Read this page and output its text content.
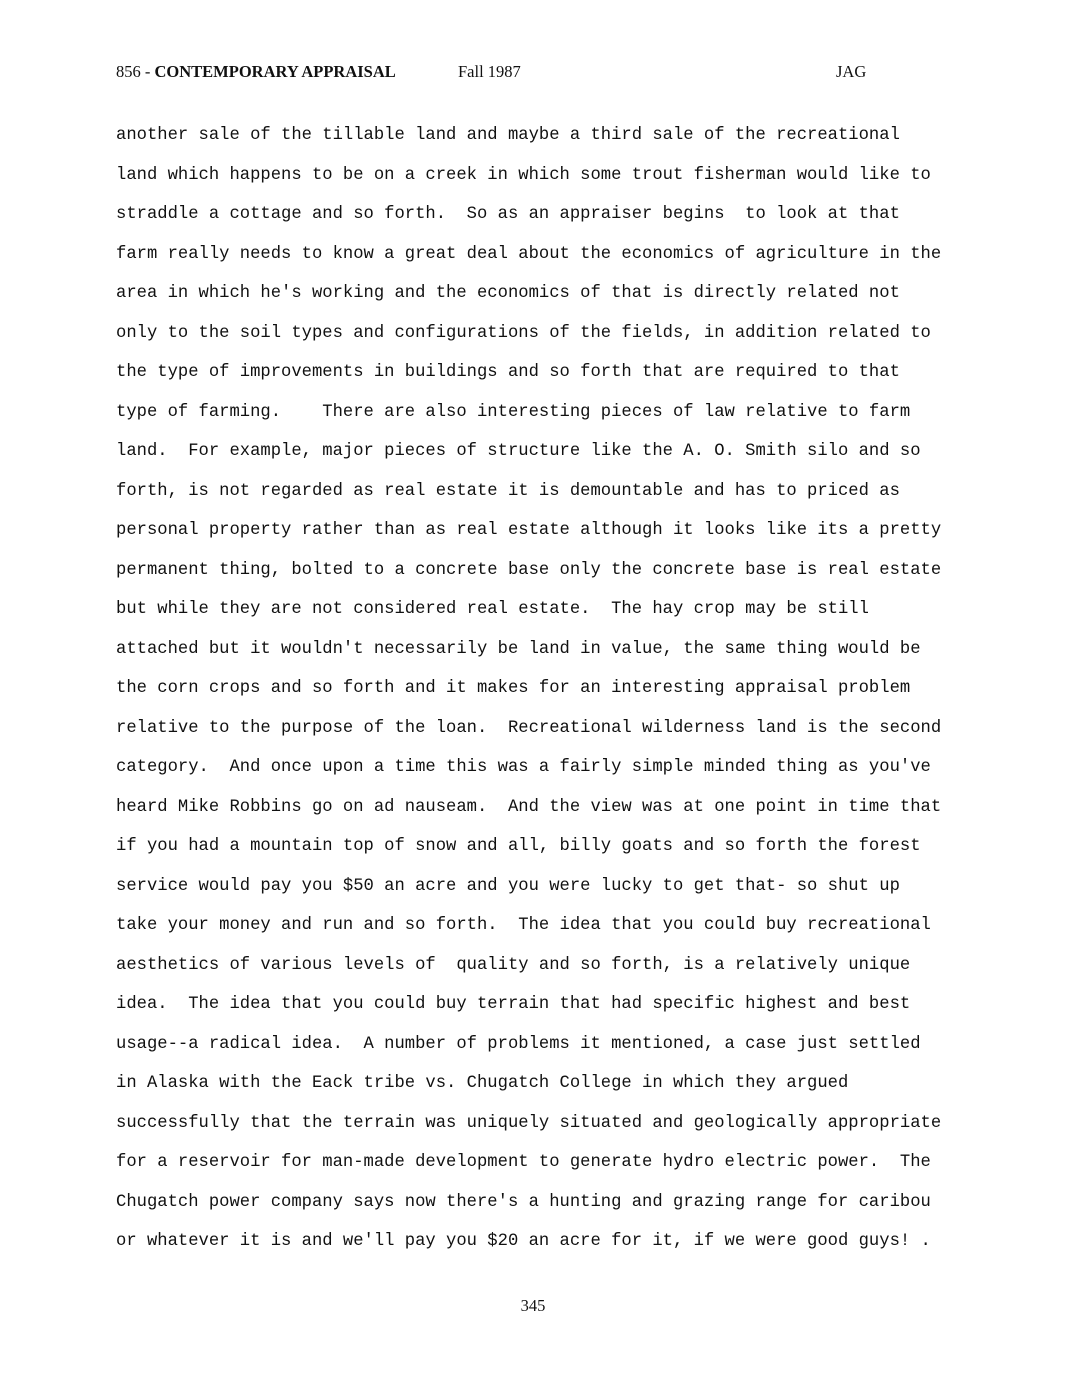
856 - CONTEMPORARY APPRAISAL	Fall 1987	JAG
another sale of the tillable land and maybe a third sale of the recreational
land which happens to be on a creek in which some trout fisherman would like to
straddle a cottage and so forth.  So as an appraiser begins  to look at that
farm really needs to know a great deal about the economics of agriculture in the
area in which he's working and the economics of that is directly related not
only to the soil types and configurations of the fields, in addition related to
the type of improvements in buildings and so forth that are required to that
type of farming.    There are also interesting pieces of law relative to farm
land.  For example, major pieces of structure like the A. O. Smith silo and so
forth, is not regarded as real estate it is demountable and has to priced as
personal property rather than as real estate although it looks like its a pretty
permanent thing, bolted to a concrete base only the concrete base is real estate
but while they are not considered real estate.  The hay crop may be still
attached but it wouldn't necessarily be land in value, the same thing would be
the corn crops and so forth and it makes for an interesting appraisal problem
relative to the purpose of the loan.  Recreational wilderness land is the second
category.  And once upon a time this was a fairly simple minded thing as you've
heard Mike Robbins go on ad nauseam.  And the view was at one point in time that
if you had a mountain top of snow and all, billy goats and so forth the forest
service would pay you $50 an acre and you were lucky to get that- so shut up
take your money and run and so forth.  The idea that you could buy recreational
aesthetics of various levels of  quality and so forth, is a relatively unique
idea.  The idea that you could buy terrain that had specific highest and best
usage--a radical idea.  A number of problems it mentioned, a case just settled
in Alaska with the Eack tribe vs. Chugatch College in which they argued
successfully that the terrain was uniquely situated and geologically appropriate
for a reservoir for man-made development to generate hydro electric power.  The
Chugatch power company says now there's a hunting and grazing range for caribou
or whatever it is and we'll pay you $20 an acre for it, if we were good guys! .
345
